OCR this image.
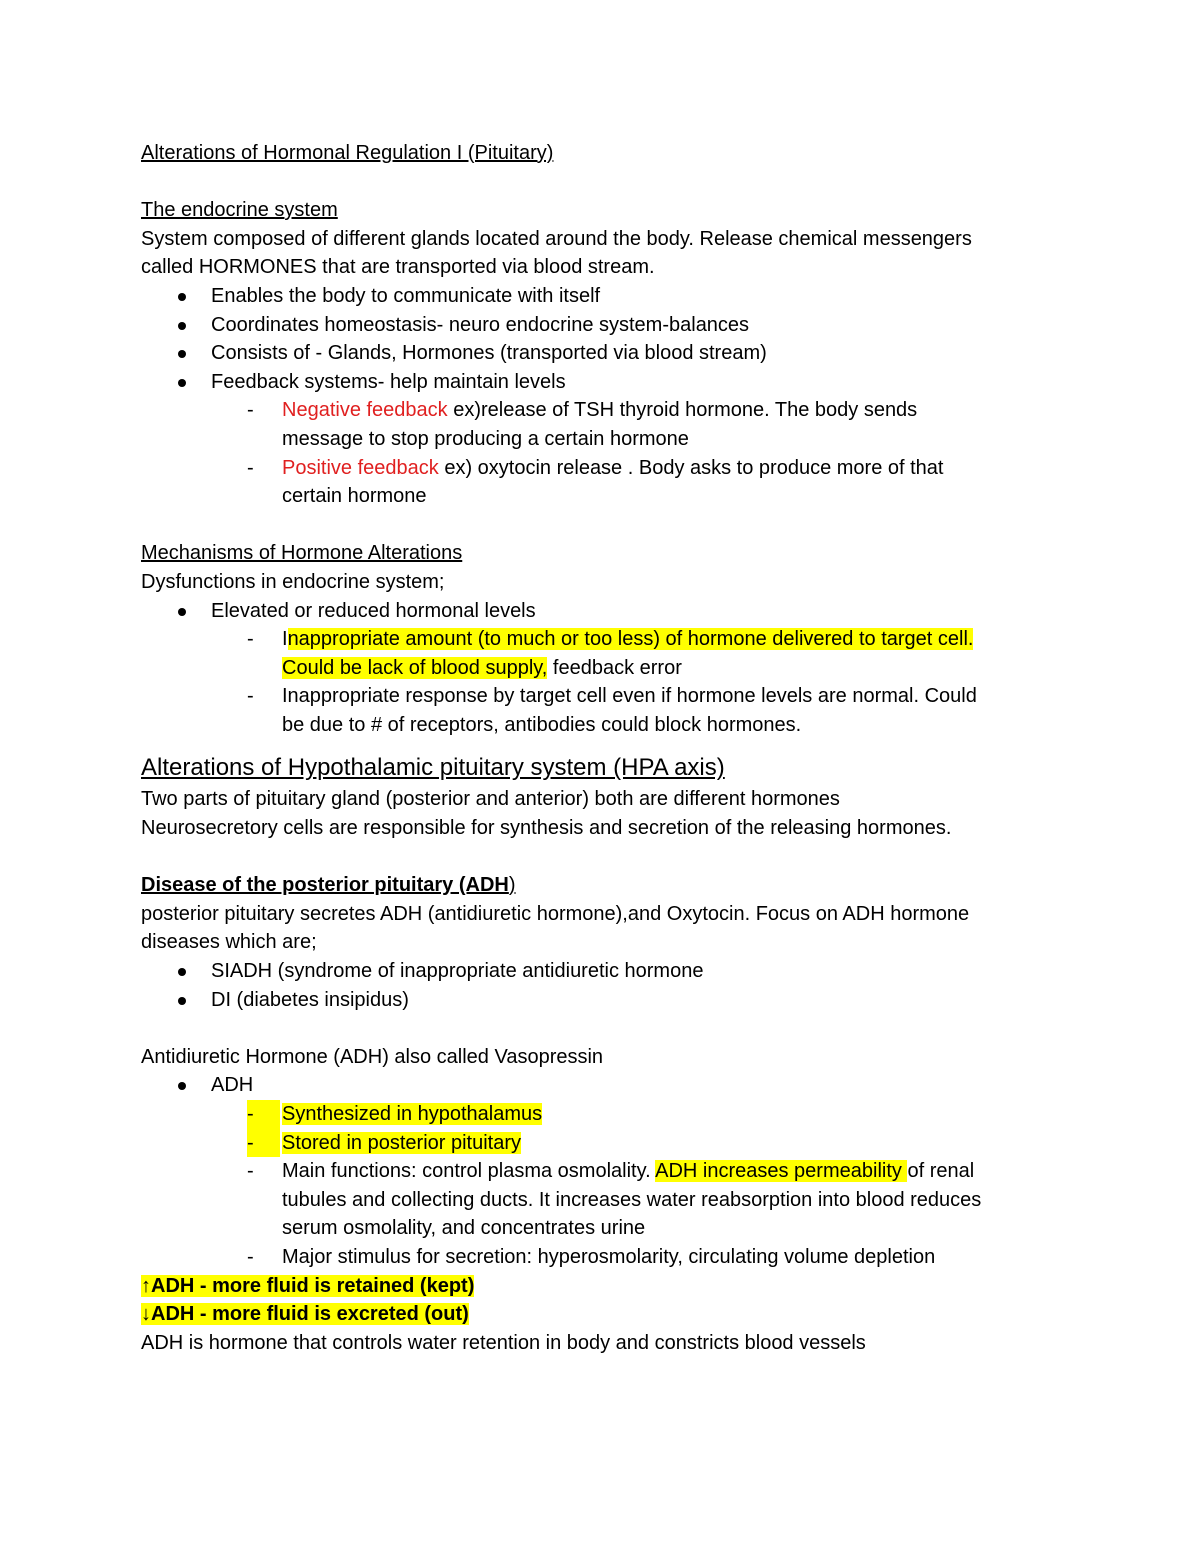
Alterations of Hormonal Regulation I (Pituitary)
The endocrine system
System composed of different glands located around the body. Release chemical messengers
called HORMONES that are transported via blood stream.
Enables the body to communicate with itself
Coordinates homeostasis- neuro endocrine system-balances
Consists of - Glands, Hormones (transported via blood stream)
Feedback systems- help maintain levels
- Negative feedback ex)release of TSH thyroid hormone. The body sends
message to stop producing a certain hormone
- Positive feedback ex) oxytocin release . Body asks to produce more of that
certain hormone
Mechanisms of Hormone Alterations
Dysfunctions in endocrine system;
Elevated or reduced hormonal levels
- Inappropriate amount (to much or too less) of hormone delivered to target cell.
Could be lack of blood supply, feedback error
- Inappropriate response by target cell even if hormone levels are normal. Could
be due to # of receptors, antibodies could block hormones.
Alterations of Hypothalamic pituitary system (HPA axis)
Two parts of pituitary gland (posterior and anterior) both are different hormones
Neurosecretory cells are responsible for synthesis and secretion of the releasing hormones.
Disease of the posterior pituitary (ADH)
posterior pituitary secretes ADH (antidiuretic hormone),and Oxytocin. Focus on ADH hormone
diseases which are;
SIADH (syndrome of inappropriate antidiuretic hormone
DI (diabetes insipidus)
Antidiuretic Hormone (ADH) also called Vasopressin
ADH
-	Synthesized in hypothalamus
-	Stored in posterior pituitary
- Main functions: control plasma osmolality. ADH increases permeability of renal
tubules and collecting ducts. It increases water reabsorption into blood reduces
serum osmolality, and concentrates urine
- Major stimulus for secretion: hyperosmolarity, circulating volume depletion
↑ADH - more fluid is retained (kept)
↓ADH - more fluid is excreted (out)
ADH is hormone that controls water retention in body and constricts blood vessels
